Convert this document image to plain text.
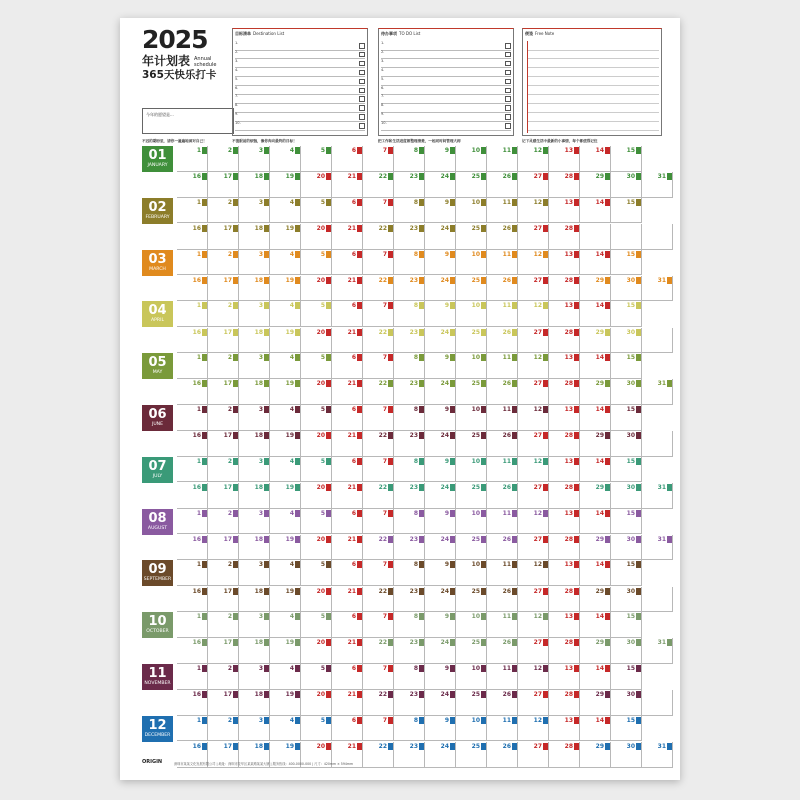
2025
年计划表 Annual schedule
365天快乐打卡
今年的愿望是...
目标清单 Destination List
1.
2.
3.
4.
5.
6.
7.
8.
9.
10.
待办事项 TO DO List
1.
2.
3.
4.
5.
6.
7.
8.
9.
10.
便笺 Free Note
不远的期盼里，请你一遍遍地面对自己！	不值眼前的烦恼，像你奔向最终的目标！	把工作和生活进度都整理清楚，一起同时间管理大师	记下灵感生活中最新的小事情，每个都值得记住
01
JANUARY
1	2	3	4	5	6	7	8	9	10	11	12	13	14	15
16	17	18	19	20	21	22	23	24	25	26	27	28	29	30	31
02
FEBRUARY
1	2	3	4	5	6	7	8	9	10	11	12	13	14	15
16	17	18	19	20	21	22	23	24	25	26	27	28
03
MARCH
1	2	3	4	5	6	7	8	9	10	11	12	13	14	15
16	17	18	19	20	21	22	23	24	25	26	27	28	29	30	31
04
APRIL
1	2	3	4	5	6	7	8	9	10	11	12	13	14	15
16	17	18	19	20	21	22	23	24	25	26	27	28	29	30
05
MAY
1	2	3	4	5	6	7	8	9	10	11	12	13	14	15
16	17	18	19	20	21	22	23	24	25	26	27	28	29	30	31
06
JUNE
1	2	3	4	5	6	7	8	9	10	11	12	13	14	15
16	17	18	19	20	21	22	23	24	25	26	27	28	29	30
07
JULY
1	2	3	4	5	6	7	8	9	10	11	12	13	14	15
16	17	18	19	20	21	22	23	24	25	26	27	28	29	30	31
08
AUGUST
1	2	3	4	5	6	7	8	9	10	11	12	13	14	15
16	17	18	19	20	21	22	23	24	25	26	27	28	29	30	31
09
SEPTEMBER
1	2	3	4	5	6	7	8	9	10	11	12	13	14	15
16	17	18	19	20	21	22	23	24	25	26	27	28	29	30
10
OCTOBER
1	2	3	4	5	6	7	8	9	10	11	12	13	14	15
16	17	18	19	20	21	22	23	24	25	26	27	28	29	30	31
11
NOVEMBER
1	2	3	4	5	6	7	8	9	10	11	12	13	14	15
16	17	18	19	20	21	22	23	24	25	26	27	28	29	30
12
DECEMBER
1	2	3	4	5	6	7	8	9	10	11	12	13	14	15
16	17	18	19	20	21	22	23	24	25	26	27	28	29	30	31
ORIGIN	深圳市某某文化发展有限公司 | 地址：深圳市龙华区某某路某某大厦 | 服务热线：400-0000-000 | 尺寸：420mm × 594mm
